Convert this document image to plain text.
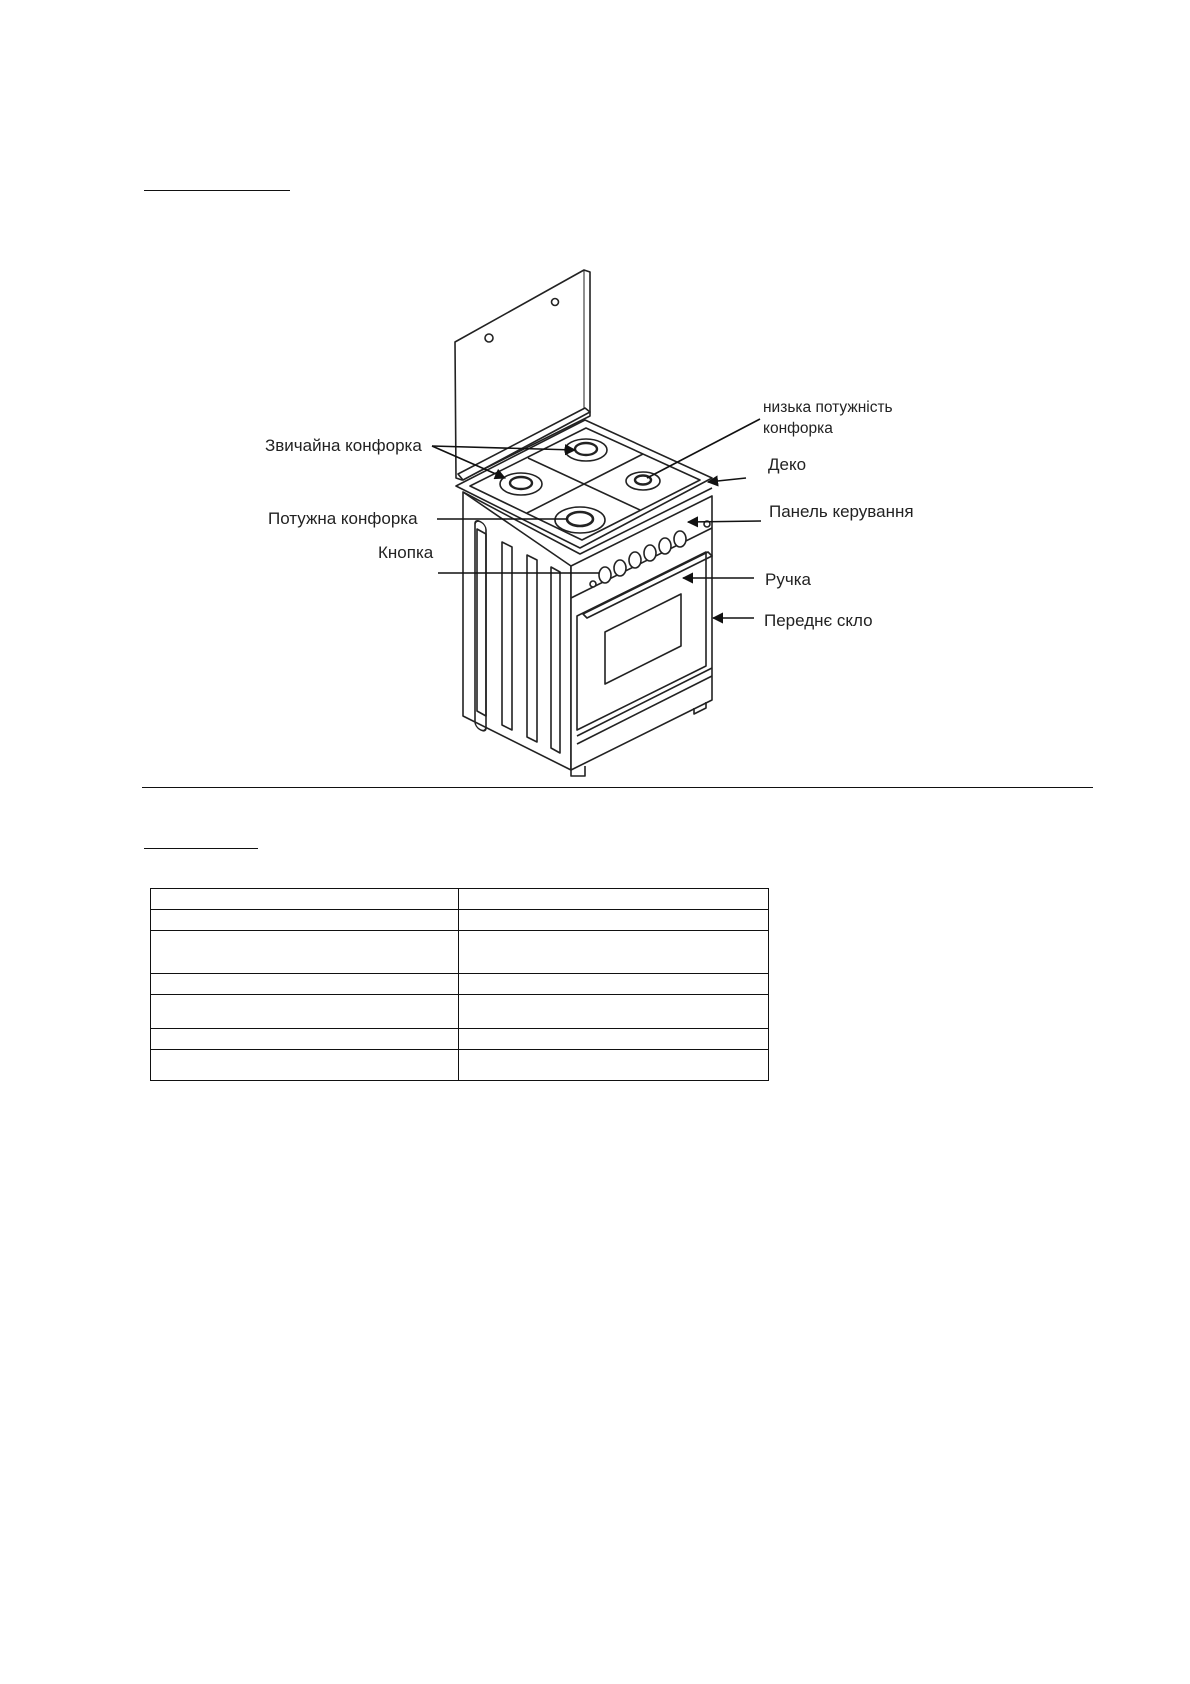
Звичайна конфорка
низька потужність
конфорка
Деко
Панель керування
Потужна конфорка
Кнопка
Ручка
Переднє скло
